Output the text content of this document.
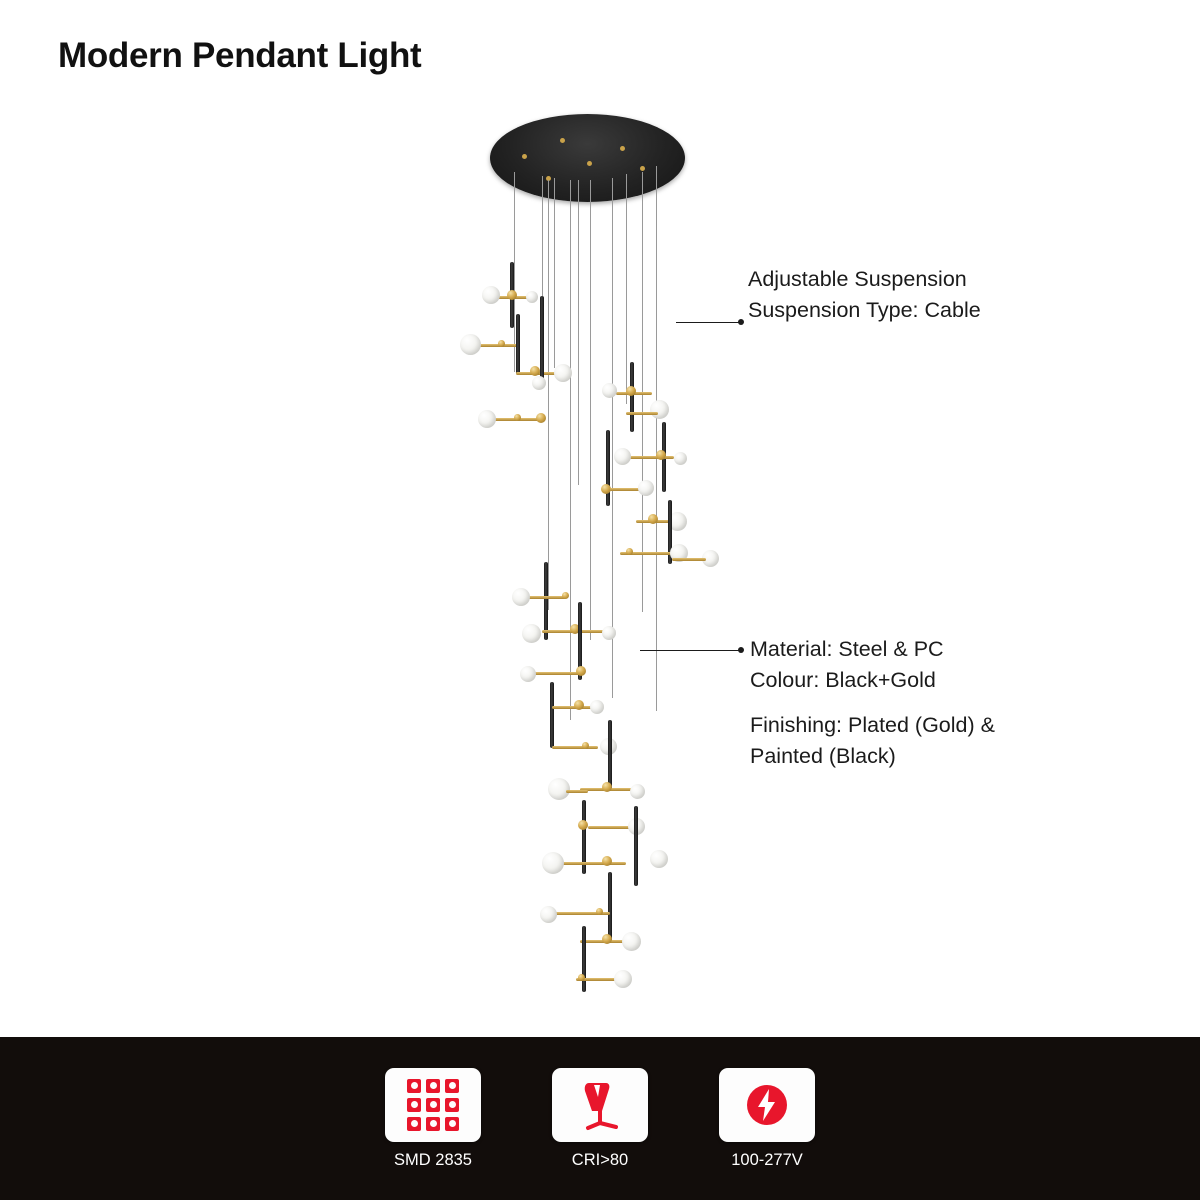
Modern Pendant Light
Adjustable Suspension
Suspension Type: Cable
Material: Steel & PC
Colour: Black+Gold
Finishing: Plated (Gold) &
Painted (Black)
SMD 2835	CRI>80	100-277V
